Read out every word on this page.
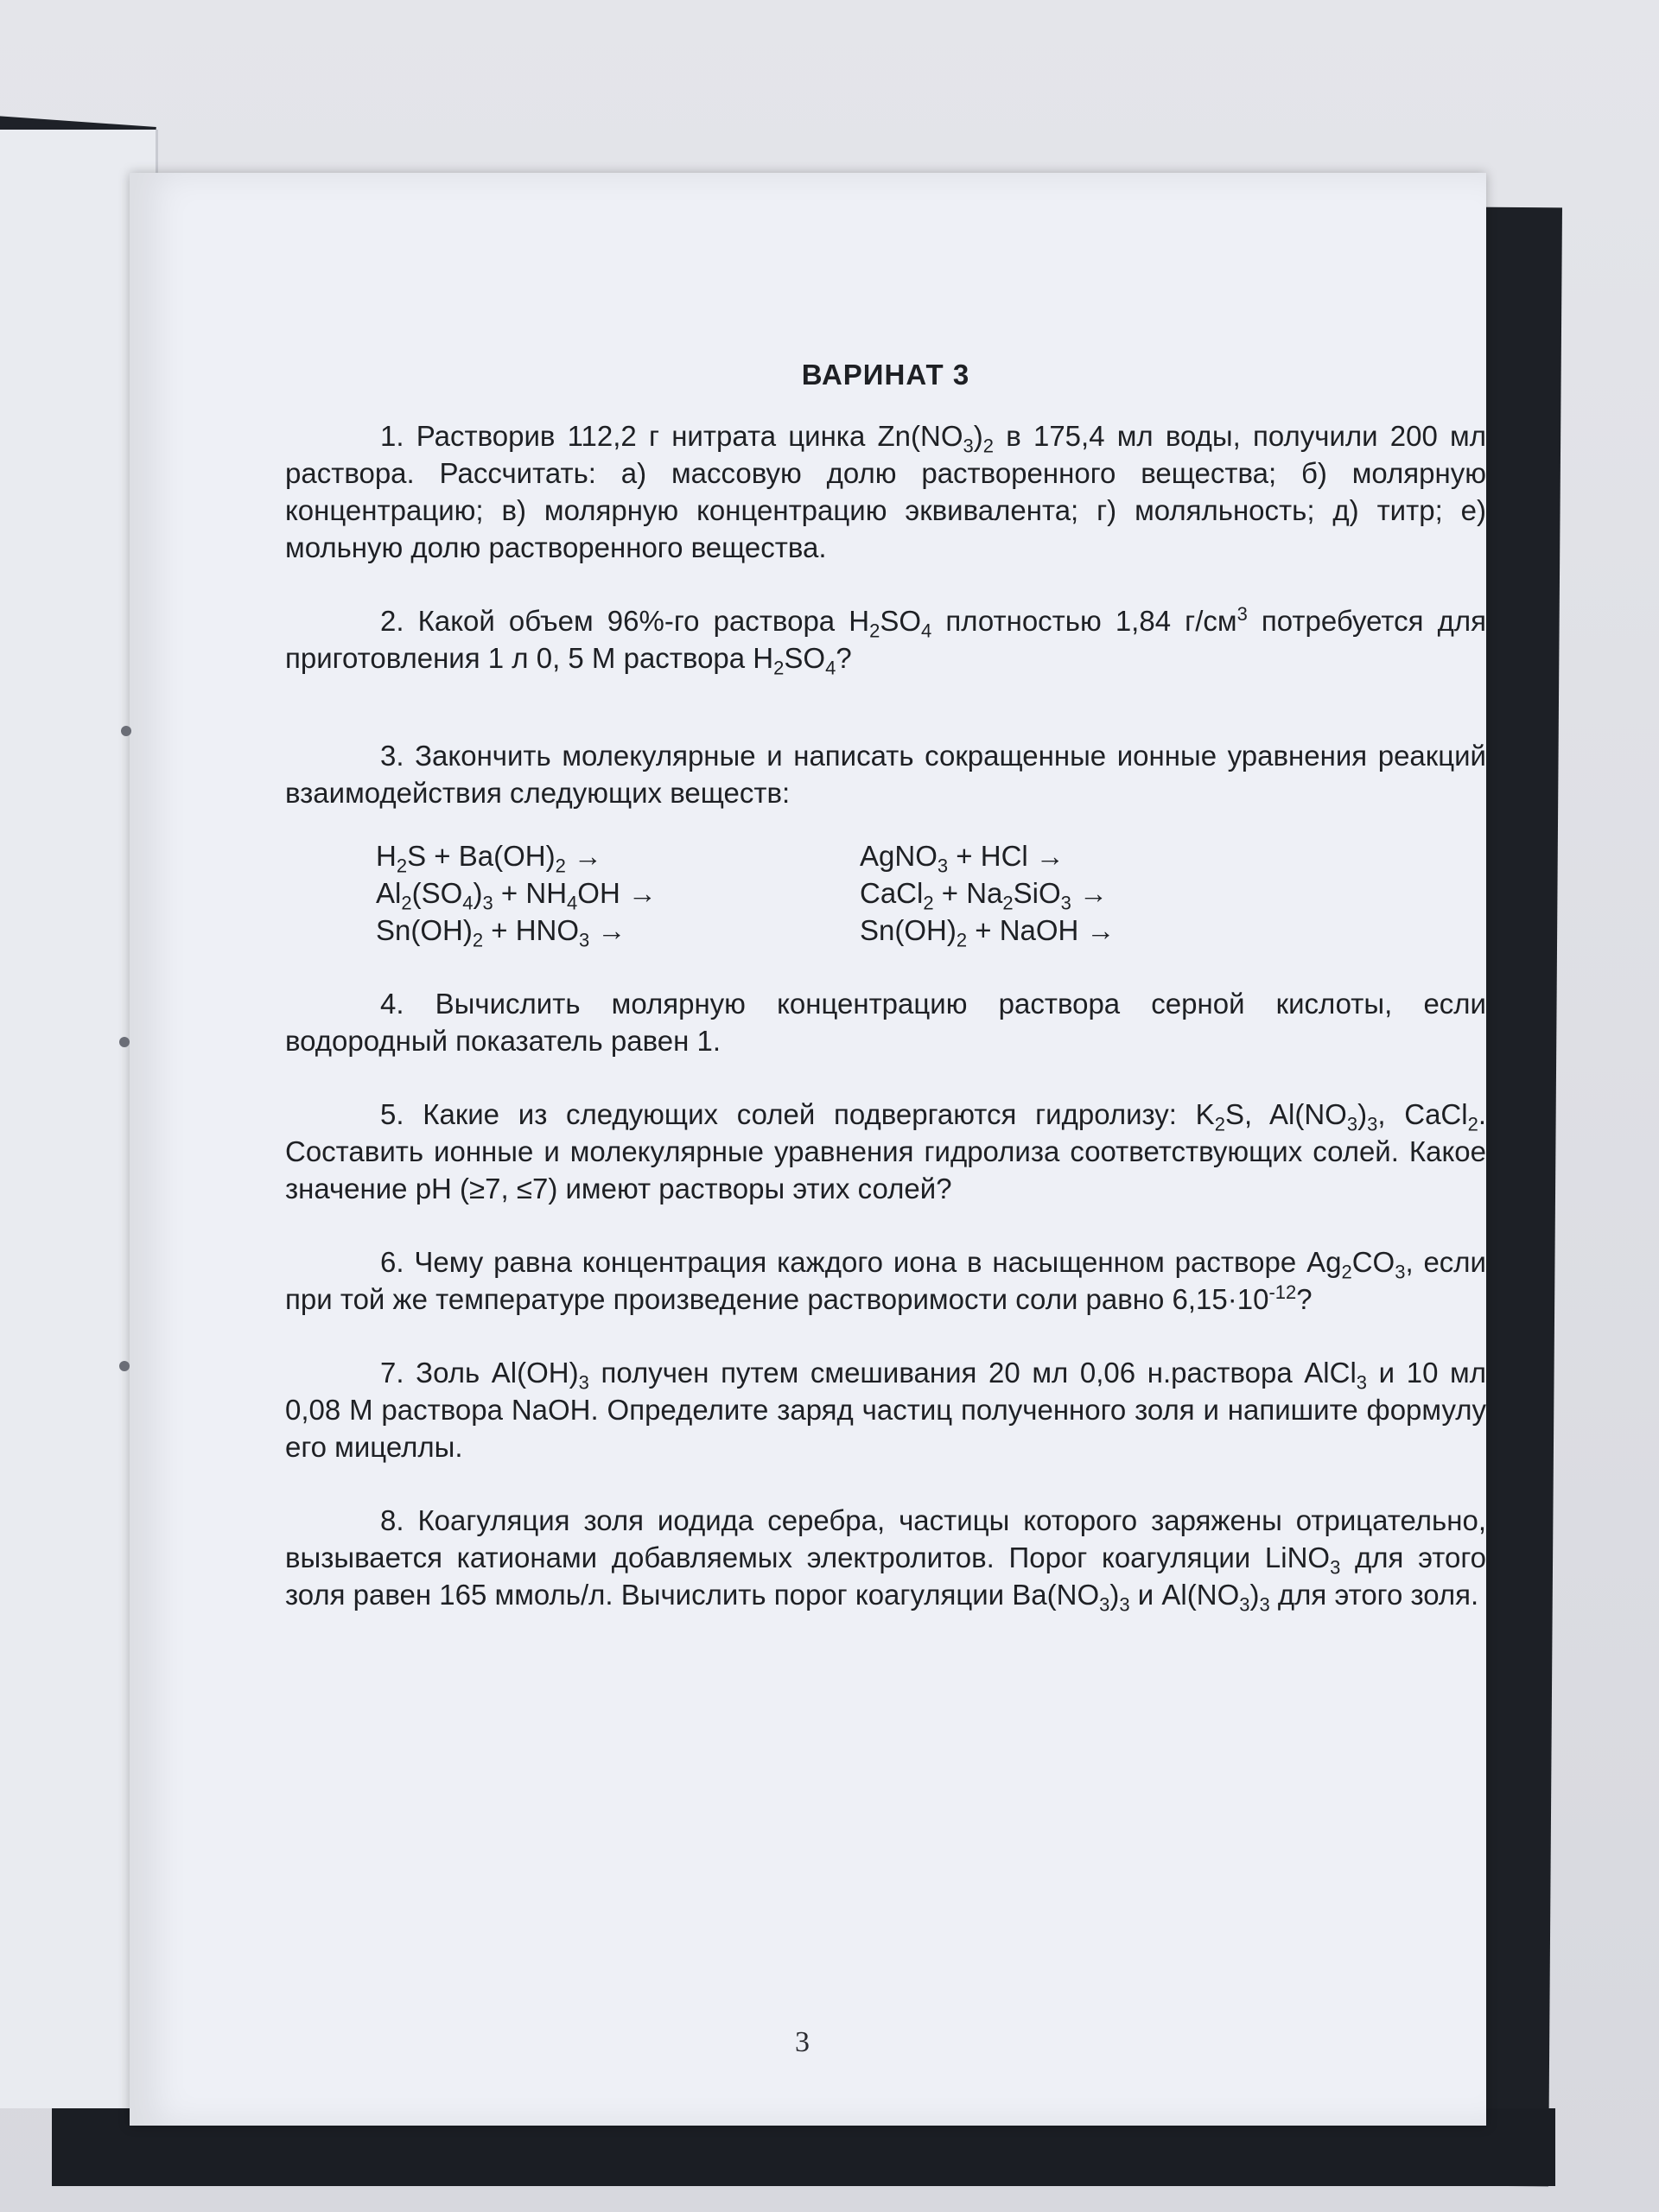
ВАРИНАТ 3

1. Растворив 112,2 г нитрата цинка $Zn(NO_3)_2$ в 175,4 мл воды, получили 200 мл раствора. Рассчитать: а) массовую долю растворенного вещества; б) молярную концентрацию; в) молярную концентрацию эквивалента; г) моляльность; д) титр; е) мольную долю растворенного вещества.

2. Какой объем 96%-го раствора $H_2SO_4$ плотностью 1,84 $г/см^3$ потребуется для приготовления 1 л 0, 5 М раствора $H_2SO_4$?

3. Закончить молекулярные и написать сокращенные ионные уравнения реакций взаимодействия следующих веществ:

$H_2S + Ba(OH)_2$ →	AgNO$_3$ + HCl →
$Al_2(SO_4)_3 + NH_4OH$ →	CaCl$_2$ + $Na_2SiO_3$ →
$Sn(OH)_2 + HNO_3$ →	$Sn(OH)_2$ + NaOH →

4. Вычислить молярную концентрацию раствора серной кислоты, если водородный показатель равен 1.

5. Какие из следующих солей подвергаются гидролизу: $K_2S$, $Al(NO_3)_3$, CaCl$_2$. Составить ионные и молекулярные уравнения гидролиза соответствующих солей. Какое значение рН (≥7, ≤7) имеют растворы этих солей?

6. Чему равна концентрация каждого иона в насыщенном растворе $Ag_2CO_3$, если при той же температуре произведение растворимости соли равно $6,15\cdot 10^{-12}$?

7. Золь $Al(OH)_3$ получен путем смешивания 20 мл 0,06 н.раствора AlCl$_3$ и 10 мл 0,08 М раствора NaOH. Определите заряд частиц полученного золя и напишите формулу его мицеллы.

8. Коагуляция золя иодида серебра, частицы которого заряжены отрицательно, вызывается катионами добавляемых электролитов. Порог коагуляции LiNO$_3$ для этого золя равен 165 ммоль/л. Вычислить порог коагуляции $Ba(NO_3)_3$ и $Al(NO_3)_3$ для этого золя.

3
